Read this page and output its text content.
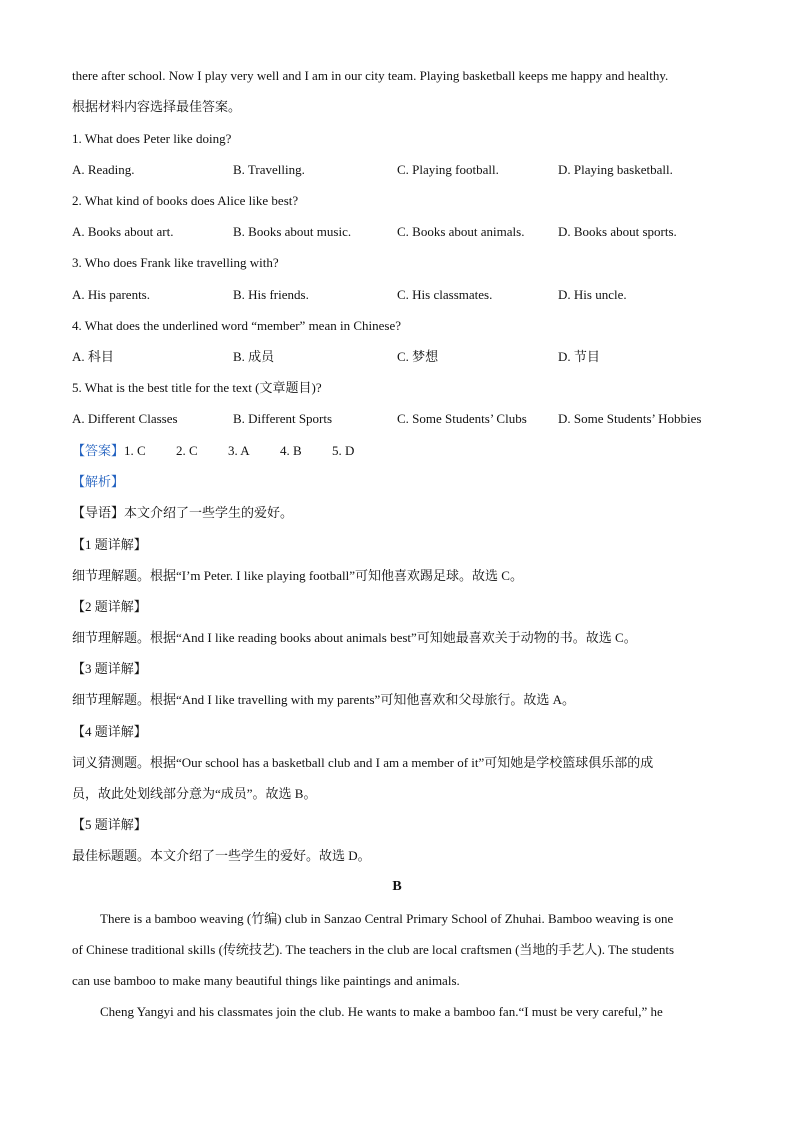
there after school. Now I play very well and I am in our city team. Playing basketball keeps me happy and healthy.
根据材料内容选择最佳答案。
1. What does Peter like doing?
A. Reading.	B. Travelling.	C. Playing football.	D. Playing basketball.
2. What kind of books does Alice like best?
A. Books about art.	B. Books about music.	C. Books about animals.	D. Books about sports.
3. Who does Frank like travelling with?
A. His parents.	B. His friends.	C. His classmates.	D. His uncle.
4. What does the underlined word “member” mean in Chinese?
A. 科目	B. 成员	C. 梦想	D. 节目
5. What is the best title for the text (文章题目)?
A. Different Classes	B. Different Sports	C. Some Students’ Clubs D. Some Students’ Hobbies
【答案】1. C 2. C 3. A 4. B 5. D
【解析】
【导语】本文介绍了一些学生的爱好。
【1 题详解】
细节理解题。根据“I’m Peter. I like playing football”可知他喜欢踢足球。故选 C。
【2 题详解】
细节理解题。根据“And I like reading books about animals best”可知她最喜欢关于动物的书。故选 C。
【3 题详解】
细节理解题。根据“And I like travelling with my parents”可知他喜欢和父母旅行。故选 A。
【4 题详解】
词义猜测题。根据“Our school has a basketball club and I am a member of it”可知她是学校篮球俱乐部的成
员，故此处划线部分意为“成员”。故选 B。
【5 题详解】
最佳标题题。本文介绍了一些学生的爱好。故选 D。
B
There is a bamboo weaving (竹编) club in Sanzao Central Primary School of Zhuhai. Bamboo weaving is one
of Chinese traditional skills (传统技艺). The teachers in the club are local craftsmen (当地的手艺人). The students
can use bamboo to make many beautiful things like paintings and animals.
Cheng Yangyi and his classmates join the club. He wants to make a bamboo fan.“I must be very careful,” he
